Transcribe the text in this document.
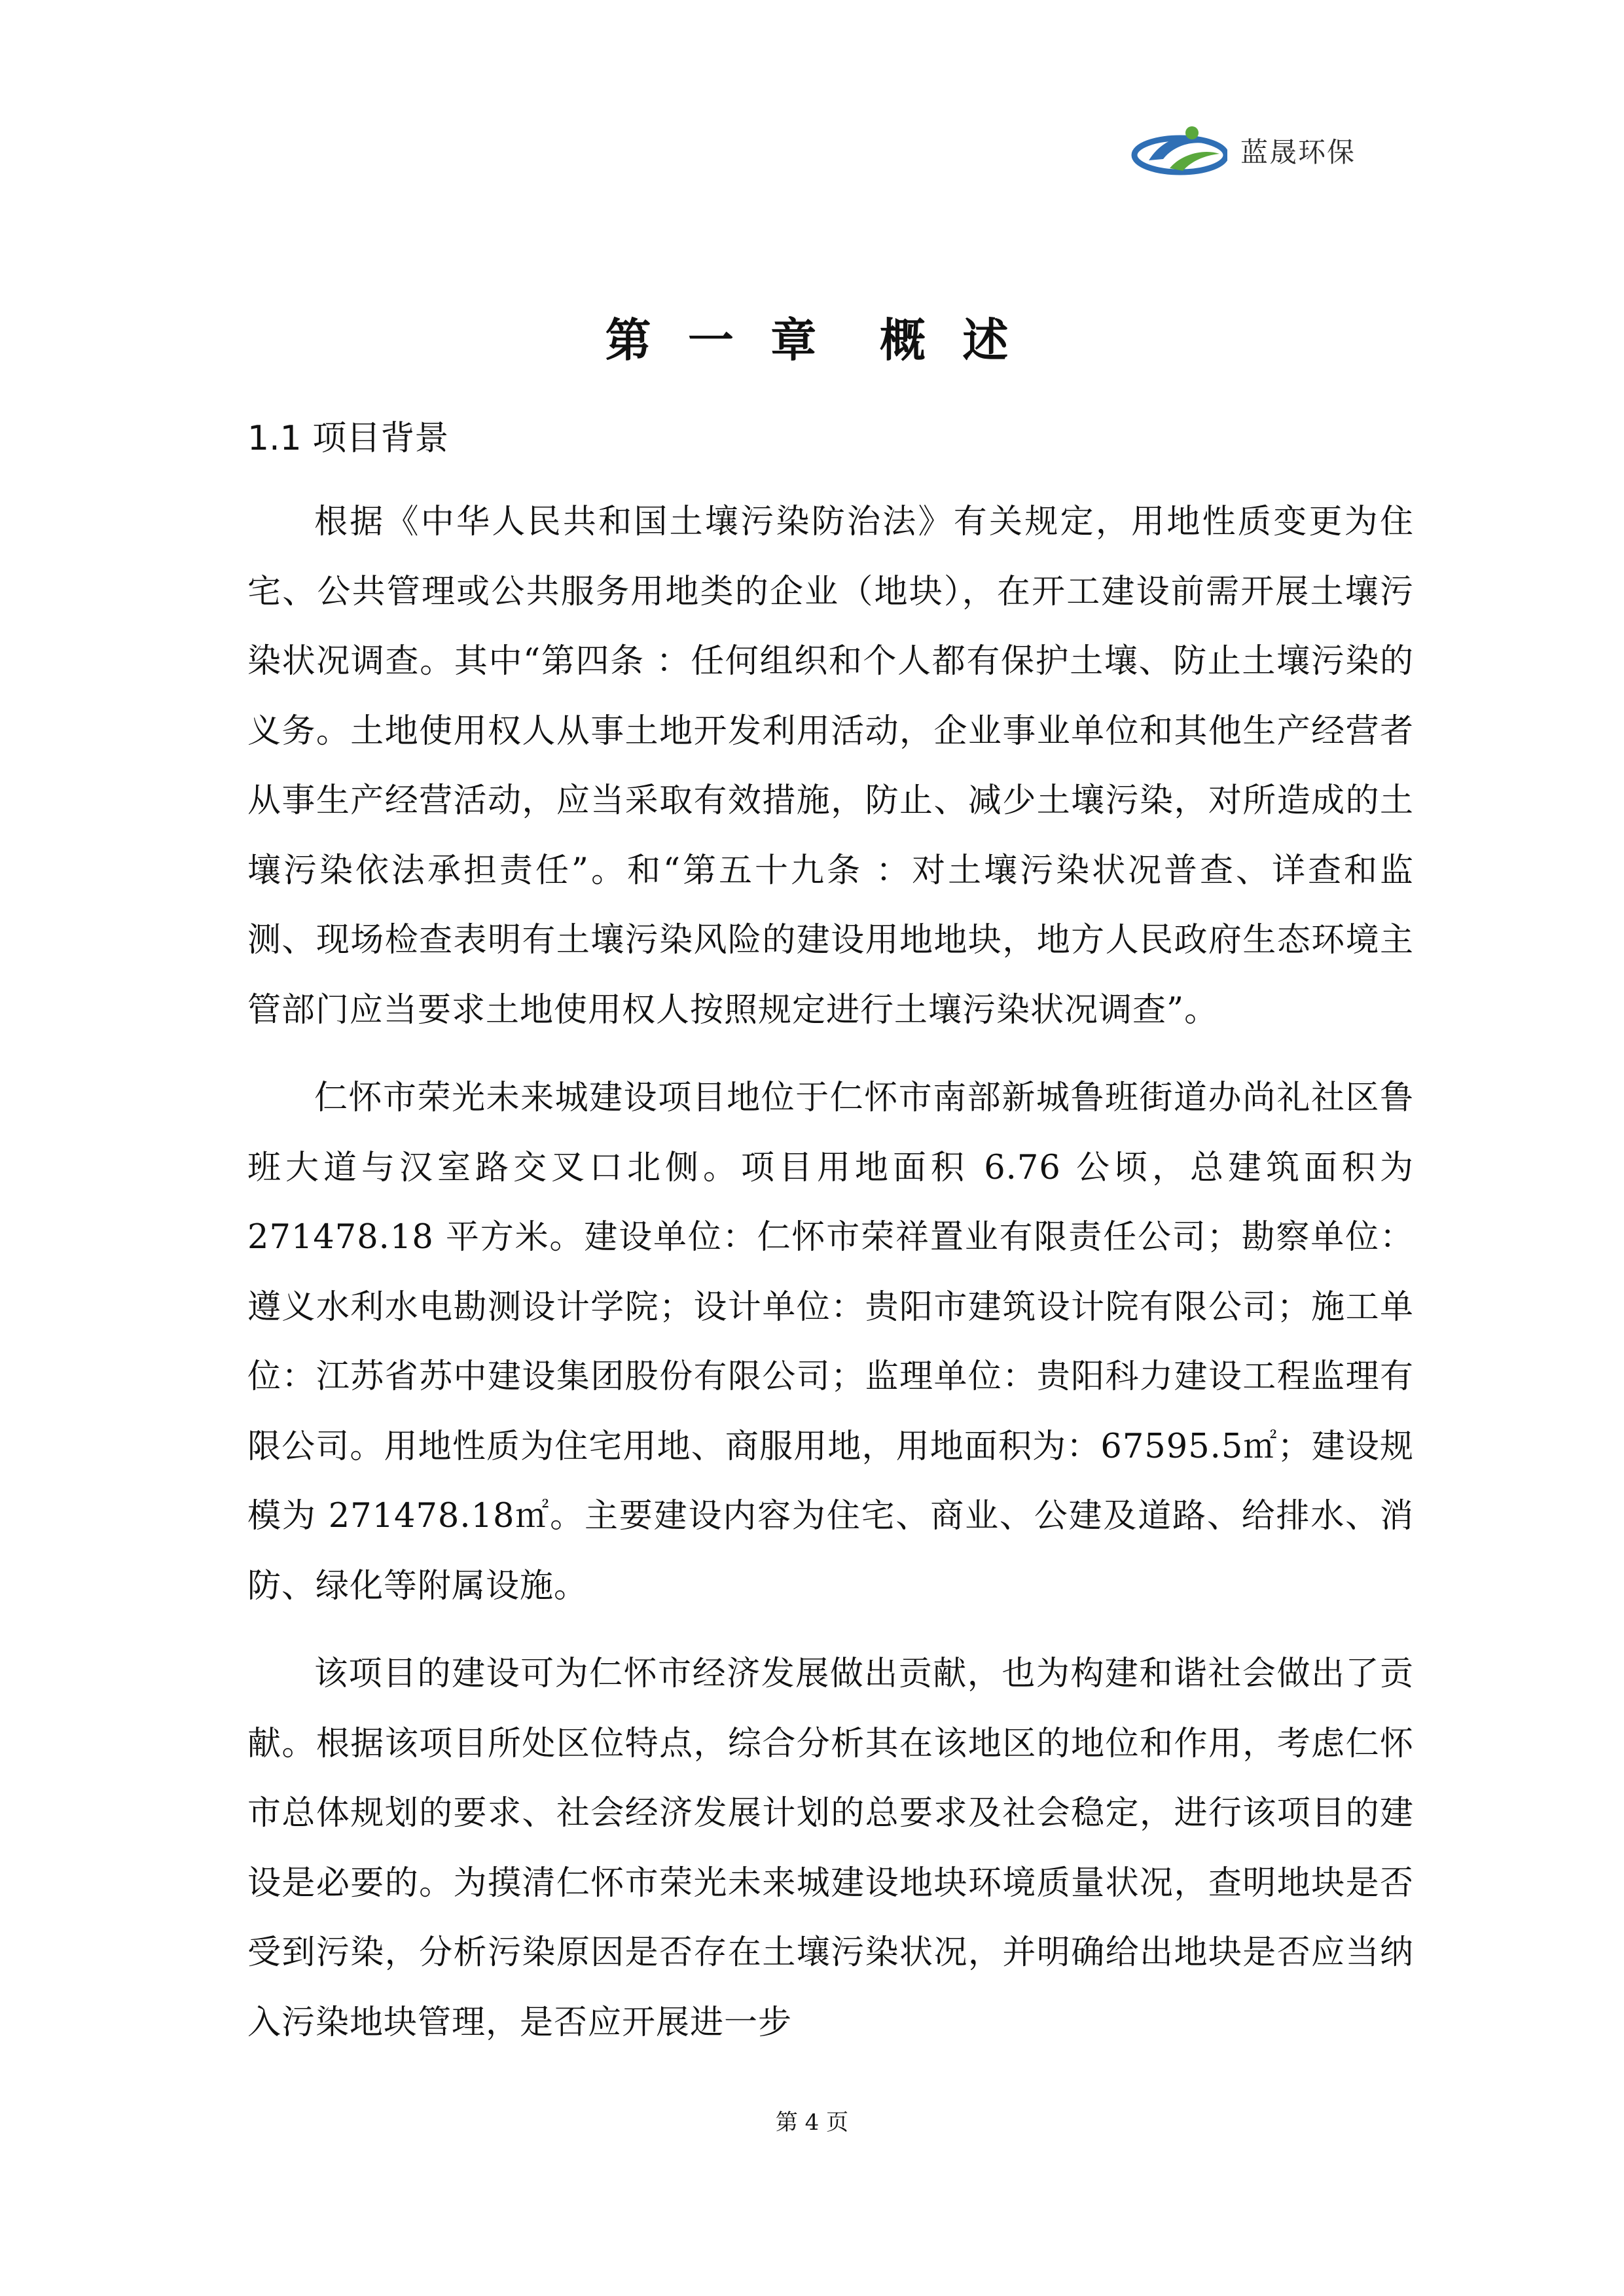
蓝晟环保
第 一 章  概 述
1.1 项目背景

根据《中华人民共和国土壤污染防治法》有关规定，用地性质变更为住宅、公共管理或公共服务用地类的企业（地块），在开工建设前需开展土壤污染状况调查。其中“第四条 ：任何组织和个人都有保护土壤、防止土壤污染的义务。土地使用权人从事土地开发利用活动，企业事业单位和其他生产经营者从事生产经营活动，应当采取有效措施，防止、减少土壤污染，对所造成的土壤污染依法承担责任”。和“第五十九条 ：对土壤污染状况普查、详查和监测、现场检查表明有土壤污染风险的建设用地地块，地方人民政府生态环境主管部门应当要求土地使用权人按照规定进行土壤污染状况调查”。

仁怀市荣光未来城建设项目地位于仁怀市南部新城鲁班街道办尚礼社区鲁班大道与汉室路交叉口北侧。项目用地面积 6.76 公顷，总建筑面积为 271478.18 平方米。建设单位：仁怀市荣祥置业有限责任公司；勘察单位：遵义水利水电勘测设计学院；设计单位：贵阳市建筑设计院有限公司；施工单位：江苏省苏中建设集团股份有限公司；监理单位：贵阳科力建设工程监理有限公司。用地性质为住宅用地、商服用地，用地面积为：67595.5㎡；建设规模为 271478.18㎡。主要建设内容为住宅、商业、公建及道路、给排水、消防、绿化等附属设施。

该项目的建设可为仁怀市经济发展做出贡献，也为构建和谐社会做出了贡献。根据该项目所处区位特点，综合分析其在该地区的地位和作用，考虑仁怀市总体规划的要求、社会经济发展计划的总要求及社会稳定，进行该项目的建设是必要的。为摸清仁怀市荣光未来城建设地块环境质量状况，查明地块是否受到污染，分析污染原因是否存在土壤污染状况，并明确给出地块是否应当纳入污染地块管理，是否应开展进一步

第 4 页
